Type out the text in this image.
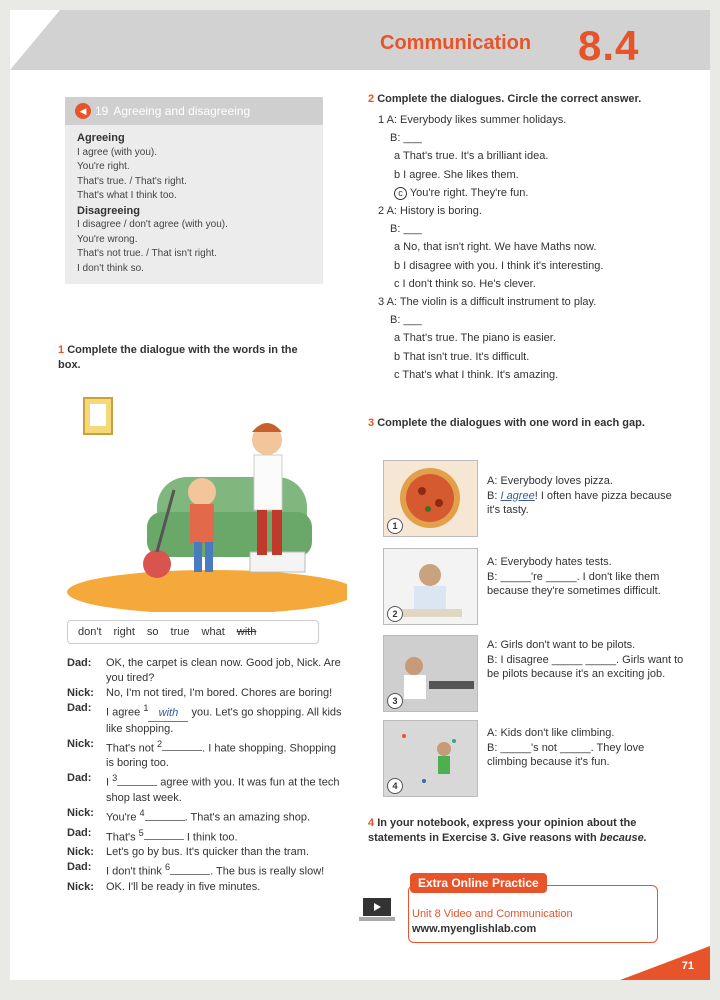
Communication 8.4
◀ 19 Agreeing and disagreeing
Agreeing
I agree (with you).
You're right.
That's true. / That's right.
That's what I think too.
Disagreeing
I disagree / don't agree (with you).
You're wrong.
That's not true. / That isn't right.
I don't think so.
1 Complete the dialogue with the words in the box.
don't right so true what with
Dad:	OK, the carpet is clean now. Good job, Nick. Are you tired?
Nick:	No, I'm not tired, I'm bored. Chores are boring!
Dad:	I agree $^1$ with you. Let's go shopping. All kids like shopping.
Nick:	That's not $^2$	. I hate shopping. Shopping is boring too.
Dad:	I $^3$	agree with you. It was fun at the tech shop last week.
Nick:	You're $^4$	. That's an amazing shop.
Dad:	That's $^5$	I think too.
Nick:	Let's go by bus. It's quicker than the tram.
Dad:	I don't think $^6$	. The bus is really slow!
Nick:	OK. I'll be ready in five minutes.
2 Complete the dialogues. Circle the correct answer.
1 A: Everybody likes summer holidays.
B: ___
a That's true. It's a brilliant idea.
b I agree. She likes them.
c You're right. They're fun.
2 A: History is boring.
B: ___
a No, that isn't right. We have Maths now.
b I disagree with you. I think it's interesting.
c I don't think so. He's clever.
3 A: The violin is a difficult instrument to play.
B: ___
a That's true. The piano is easier.
b That isn't true. It's difficult.
c That's what I think. It's amazing.
3 Complete the dialogues with one word in each gap.
1
A: Everybody loves pizza.
B: I agree! I often have pizza because it's tasty.
2
A: Everybody hates tests.
B: _____'re _____. I don't like them because they're sometimes difficult.
3
A: Girls don't want to be pilots.
B: I disagree _____ _____. Girls want to be pilots because it's an exciting job.
4
A: Kids don't like climbing.
B: _____'s not _____. They love climbing because it's fun.
4 In your notebook, express your opinion about the statements in Exercise 3. Give reasons with because.
Extra Online Practice
Unit 8 Video and Communication
www.myenglishlab.com
71
